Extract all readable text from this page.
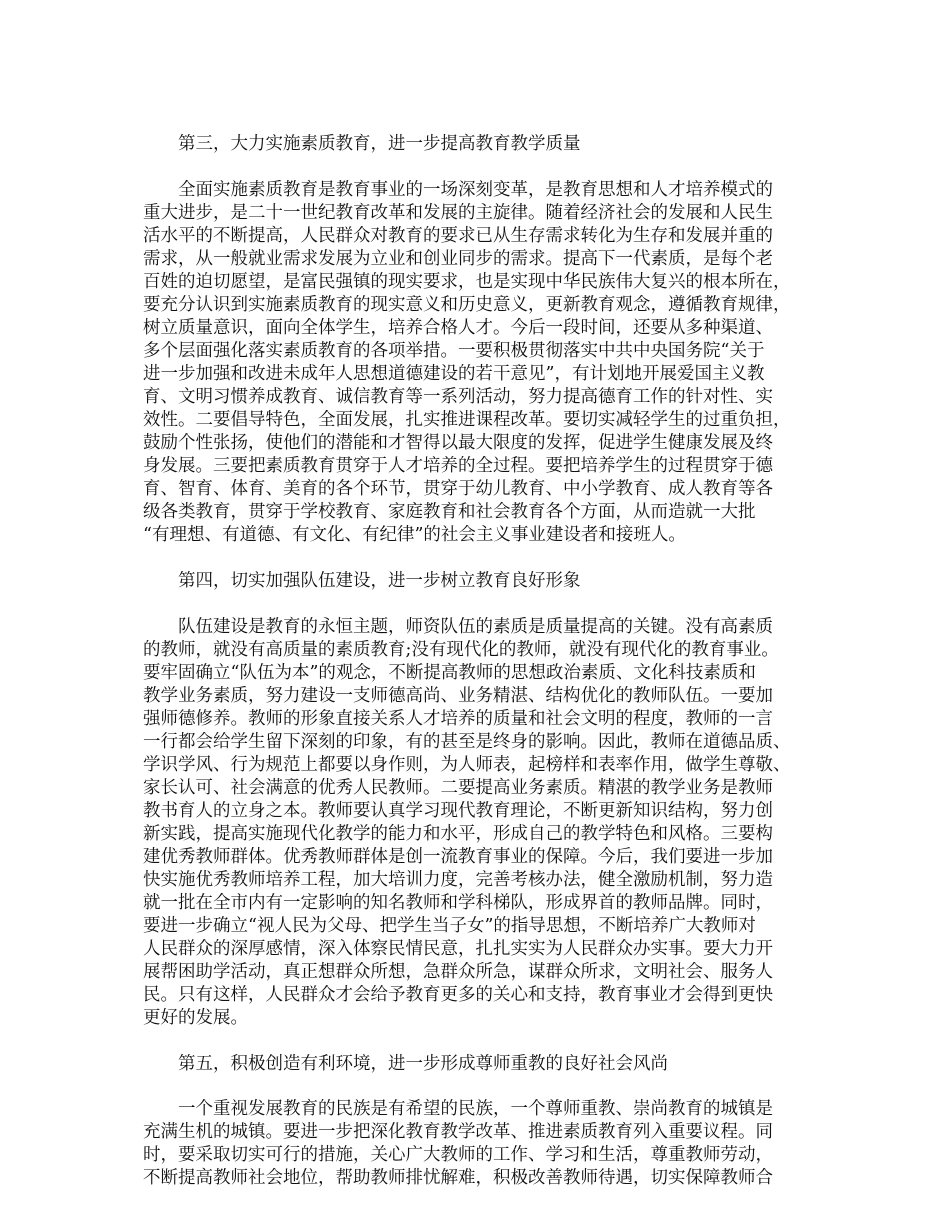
第三，大力实施素质教育，进一步提高教育教学质量
全面实施素质教育是教育事业的一场深刻变革，是教育思想和人才培养模式的
重大进步，是二十一世纪教育改革和发展的主旋律。随着经济社会的发展和人民生
活水平的不断提高，人民群众对教育的要求已从生存需求转化为生存和发展并重的
需求，从一般就业需求发展为立业和创业同步的需求。提高下一代素质，是每个老
百姓的迫切愿望，是富民强镇的现实要求，也是实现中华民族伟大复兴的根本所在，
要充分认识到实施素质教育的现实意义和历史意义，更新教育观念，遵循教育规律，
树立质量意识，面向全体学生，培养合格人才。今后一段时间，还要从多种渠道、
多个层面强化落实素质教育的各项举措。一要积极贯彻落实中共中央国务院“关于
进一步加强和改进未成年人思想道德建设的若干意见”，有计划地开展爱国主义教
育、文明习惯养成教育、诚信教育等一系列活动，努力提高德育工作的针对性、实
效性。二要倡导特色，全面发展，扎实推进课程改革。要切实减轻学生的过重负担，
鼓励个性张扬，使他们的潜能和才智得以最大限度的发挥，促进学生健康发展及终
身发展。三要把素质教育贯穿于人才培养的全过程。要把培养学生的过程贯穿于德
育、智育、体育、美育的各个环节，贯穿于幼儿教育、中小学教育、成人教育等各
级各类教育，贯穿于学校教育、家庭教育和社会教育各个方面，从而造就一大批
“有理想、有道德、有文化、有纪律”的社会主义事业建设者和接班人。
第四，切实加强队伍建设，进一步树立教育良好形象
队伍建设是教育的永恒主题，师资队伍的素质是质量提高的关键。没有高素质
的教师，就没有高质量的素质教育;没有现代化的教师，就没有现代化的教育事业。
要牢固确立“队伍为本”的观念，不断提高教师的思想政治素质、文化科技素质和
教学业务素质，努力建设一支师德高尚、业务精湛、结构优化的教师队伍。一要加
强师德修养。教师的形象直接关系人才培养的质量和社会文明的程度，教师的一言
一行都会给学生留下深刻的印象，有的甚至是终身的影响。因此，教师在道德品质、
学识学风、行为规范上都要以身作则，为人师表，起榜样和表率作用，做学生尊敬、
家长认可、社会满意的优秀人民教师。二要提高业务素质。精湛的教学业务是教师
教书育人的立身之本。教师要认真学习现代教育理论，不断更新知识结构，努力创
新实践，提高实施现代化教学的能力和水平，形成自己的教学特色和风格。三要构
建优秀教师群体。优秀教师群体是创一流教育事业的保障。今后，我们要进一步加
快实施优秀教师培养工程，加大培训力度，完善考核办法，健全激励机制，努力造
就一批在全市内有一定影响的知名教师和学科梯队，形成界首的教师品牌。同时，
要进一步确立“视人民为父母、把学生当子女”的指导思想，不断培养广大教师对
人民群众的深厚感情，深入体察民情民意，扎扎实实为人民群众办实事。要大力开
展帮困助学活动，真正想群众所想，急群众所急，谋群众所求，文明社会、服务人
民。只有这样，人民群众才会给予教育更多的关心和支持，教育事业才会得到更快
更好的发展。
第五，积极创造有利环境，进一步形成尊师重教的良好社会风尚
一个重视发展教育的民族是有希望的民族，一个尊师重教、崇尚教育的城镇是
充满生机的城镇。要进一步把深化教育教学改革、推进素质教育列入重要议程。同
时，要采取切实可行的措施，关心广大教师的工作、学习和生活，尊重教师劳动，
不断提高教师社会地位，帮助教师排忧解难，积极改善教师待遇，切实保障教师合
